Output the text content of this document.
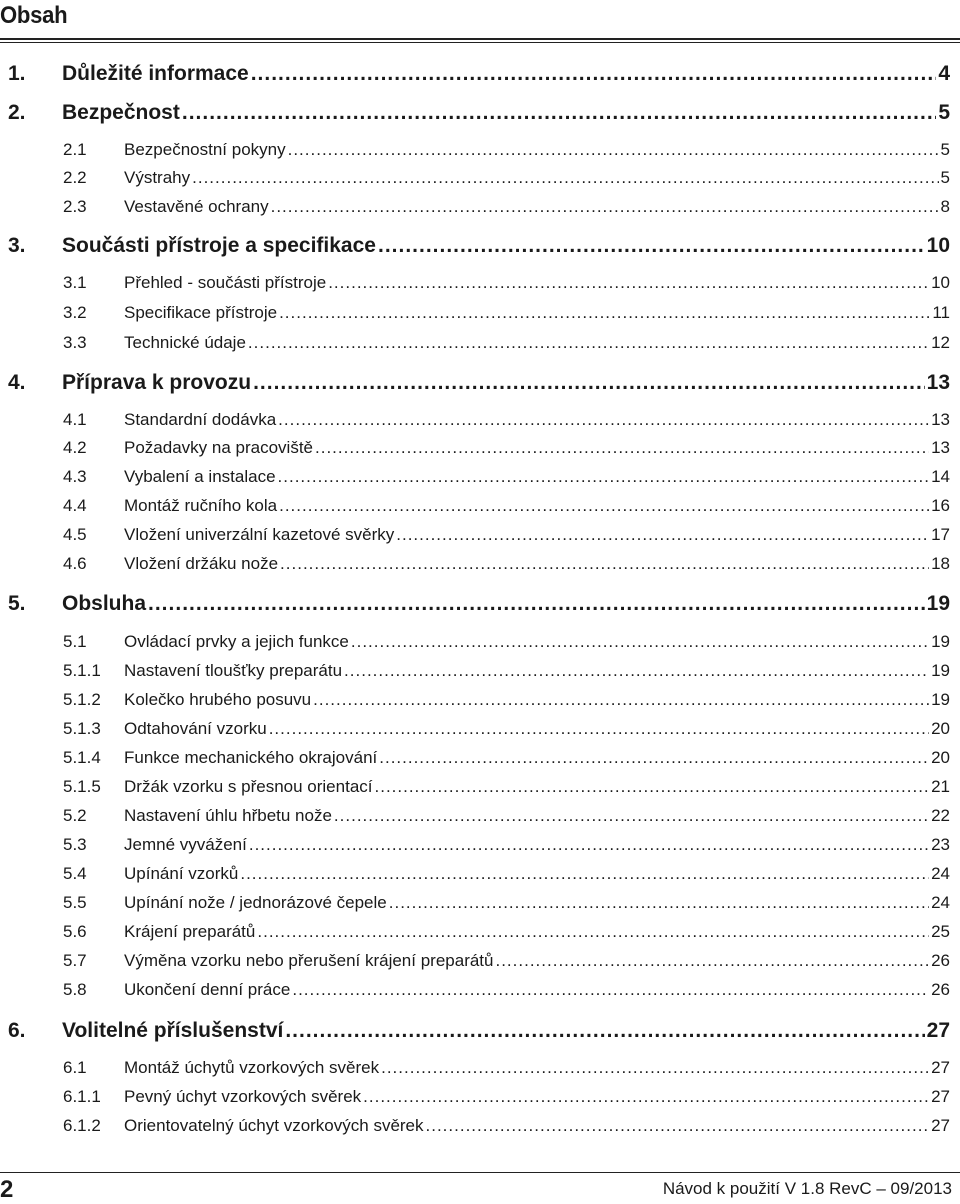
Obsah
1. Důležité informace .....	4
2. Bezpečnost .....	5
2.1 Bezpečnostní pokyny .....	5
2.2 Výstrahy .....	5
2.3 Vestavěné ochrany .....	8
3. Součásti přístroje a specifikace .....	10
3.1 Přehled - součásti přístroje .....	10
3.2 Specifikace přístroje .....	11
3.3 Technické údaje .....	12
4. Příprava k provozu .....	13
4.1 Standardní dodávka .....	13
4.2 Požadavky na pracoviště .....	13
4.3 Vybalení a instalace .....	14
4.4 Montáž ručního kola .....	16
4.5 Vložení univerzální kazetové svěrky .....	17
4.6 Vložení držáku nože .....	18
5. Obsluha .....	19
5.1 Ovládací prvky a jejich funkce .....	19
5.1.1 Nastavení tloušťky preparátu .....	19
5.1.2 Kolečko hrubého posuvu .....	19
5.1.3 Odtahování vzorku .....	20
5.1.4 Funkce mechanického okrajování .....	20
5.1.5 Držák vzorku s přesnou orientací .....	21
5.2 Nastavení úhlu hřbetu nože .....	22
5.3 Jemné vyvážení .....	23
5.4 Upínání vzorků .....	24
5.5 Upínání nože / jednorázové čepele .....	24
5.6 Krájení preparátů .....	25
5.7 Výměna vzorku nebo přerušení krájení preparátů .....	26
5.8 Ukončení denní práce .....	26
6. Volitelné příslušenství .....	27
6.1 Montáž úchytů vzorkových svěrek .....	27
6.1.1 Pevný úchyt vzorkových svěrek .....	27
6.1.2 Orientovatelný úchyt vzorkových svěrek .....	27
2	Návod k použití V 1.8 RevC – 09/2013
